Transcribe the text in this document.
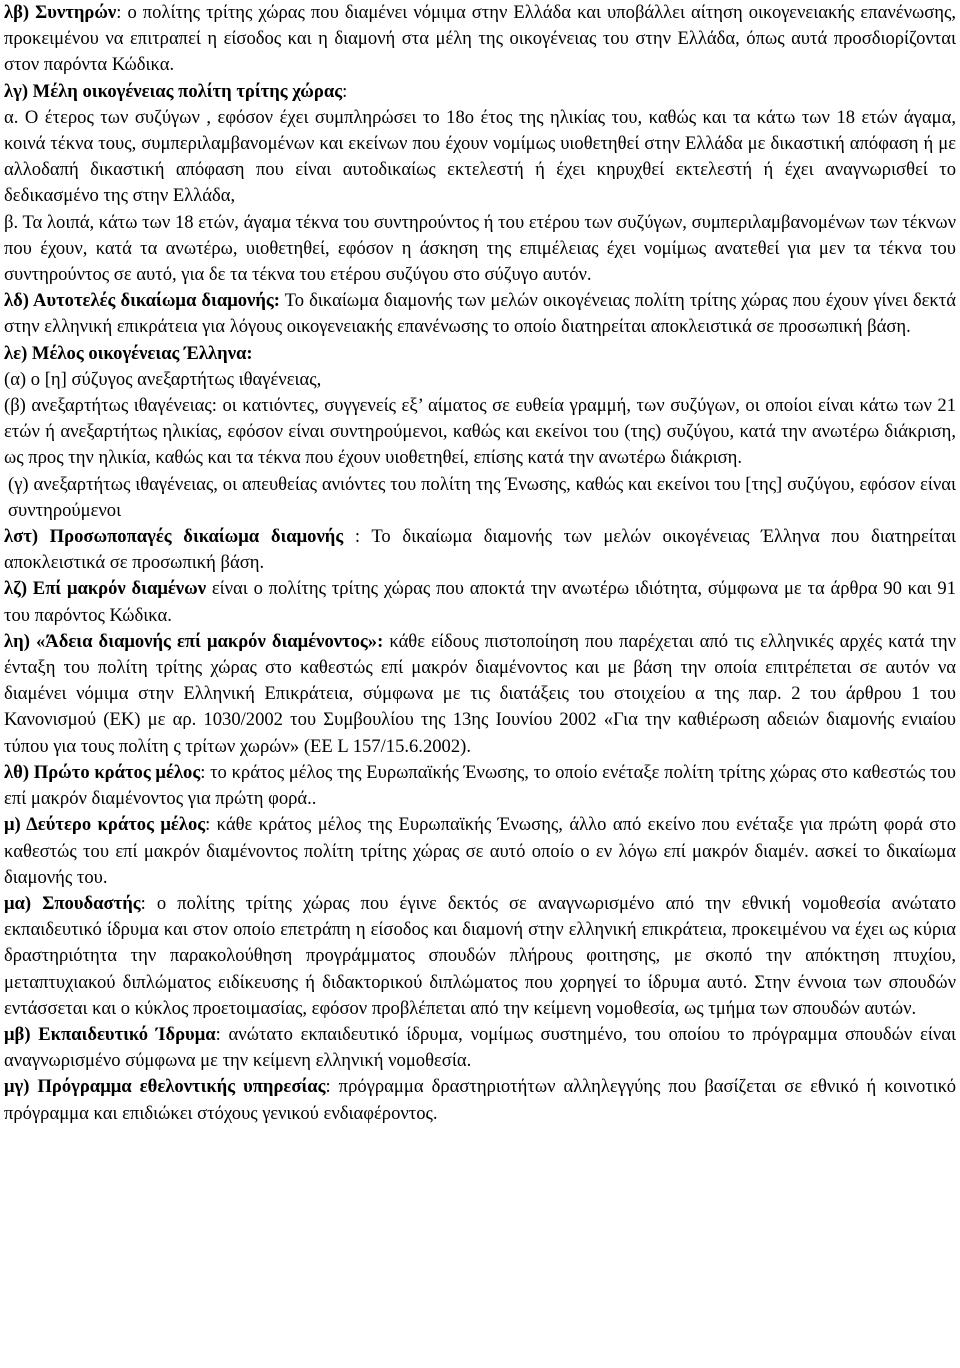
λβ) Συντηρών: ο πολίτης τρίτης χώρας που διαμένει νόμιμα στην Ελλάδα και υποβάλλει αίτηση οικογενειακής επανένωσης, προκειμένου να επιτραπεί η είσοδος και η διαμονή στα μέλη της οικογένειας του στην Ελλάδα, όπως αυτά προσδιορίζονται στον παρόντα Κώδικα.

λγ) Μέλη οικογένειας πολίτη τρίτης χώρας:

α. Ο έτερος των συζύγων , εφόσον έχει συμπληρώσει το 18ο έτος της ηλικίας του, καθώς και τα κάτω των 18 ετών άγαμα, κοινά τέκνα τους, συμπεριλαμβανομένων και εκείνων που έχουν νομίμως υιοθετηθεί στην Ελλάδα με δικαστική απόφαση ή με αλλοδαπή δικαστική απόφαση που είναι αυτοδικαίως εκτελεστή ή έχει κηρυχθεί εκτελεστή ή έχει αναγνωρισθεί το δεδικασμένο της στην Ελλάδα,

β. Τα λοιπά, κάτω των 18 ετών, άγαμα τέκνα του συντηρούντος ή του ετέρου των συζύγων, συμπεριλαμβανομένων των τέκνων που έχουν, κατά τα ανωτέρω, υιοθετηθεί, εφόσον η άσκηση της επιμέλειας έχει νομίμως ανατεθεί για μεν τα τέκνα του συντηρούντος σε αυτό, για δε τα τέκνα του ετέρου συζύγου στο σύζυγο αυτόν.

λδ) Αυτοτελές δικαίωμα διαμονής: Το δικαίωμα διαμονής των μελών οικογένειας πολίτη τρίτης χώρας που έχουν γίνει δεκτά στην ελληνική επικράτεια για λόγους οικογενειακής επανένωσης το οποίο διατηρείται αποκλειστικά σε προσωπική βάση.

λε) Μέλος οικογένειας Έλληνα:

(α) ο [η] σύζυγος ανεξαρτήτως ιθαγένειας,

(β) ανεξαρτήτως ιθαγένειας: οι κατιόντες, συγγενείς εξ’ αίματος σε ευθεία γραμμή, των συζύγων, οι οποίοι είναι κάτω των 21 ετών ή ανεξαρτήτως ηλικίας, εφόσον είναι συντηρούμενοι, καθώς και εκείνοι του (της) συζύγου, κατά την ανωτέρω διάκριση, ως προς την ηλικία, καθώς και τα τέκνα που έχουν υιοθετηθεί, επίσης κατά την ανωτέρω διάκριση.

(γ) ανεξαρτήτως ιθαγένειας, οι απευθείας ανιόντες του πολίτη της Ένωσης, καθώς και εκείνοι του [της] συζύγου, εφόσον είναι συντηρούμενοι

λστ) Προσωποπαγές δικαίωμα διαμονής : Το δικαίωμα διαμονής των μελών οικογένειας Έλληνα που διατηρείται αποκλειστικά σε προσωπική βάση.

λζ) Επί μακρόν διαμένων είναι ο πολίτης τρίτης χώρας που αποκτά την ανωτέρω ιδιότητα, σύμφωνα με τα άρθρα 90 και 91 του παρόντος Κώδικα.

λη) «Άδεια διαμονής επί μακρόν διαμένοντος»: κάθε είδους πιστοποίηση που παρέχεται από τις ελληνικές αρχές κατά την ένταξη του πολίτη τρίτης χώρας στο καθεστώς επί μακρόν διαμένοντος και με βάση την οποία επιτρέπεται σε αυτόν να διαμένει νόμιμα στην Ελληνική Επικράτεια, σύμφωνα με τις διατάξεις του στοιχείου α της παρ. 2 του άρθρου 1 του Κανονισμού (ΕΚ) με αρ. 1030/2002 του Συμβουλίου της 13ης Ιουνίου 2002 «Για την καθιέρωση αδειών διαμονής ενιαίου τύπου για τους πολίτη ς τρίτων χωρών» (ΕΕ L 157/15.6.2002).

λθ) Πρώτο κράτος μέλος: το κράτος μέλος της Ευρωπαϊκής Ένωσης, το οποίο ενέταξε πολίτη τρίτης χώρας στο καθεστώς του επί μακρόν διαμένοντος για πρώτη φορά..

μ) Δεύτερο κράτος μέλος: κάθε κράτος μέλος της Ευρωπαϊκής Ένωσης, άλλο από εκείνο που ενέταξε για πρώτη φορά στο καθεστώς του επί μακρόν διαμένοντος πολίτη τρίτης χώρας σε αυτό οποίο ο εν λόγω επί μακρόν διαμέν. ασκεί το δικαίωμα διαμονής του.

μα) Σπουδαστής: ο πολίτης τρίτης χώρας που έγινε δεκτός σε αναγνωρισμένο από την εθνική νομοθεσία ανώτατο εκπαιδευτικό ίδρυμα και στον οποίο επετράπη η είσοδος και διαμονή στην ελληνική επικράτεια, προκειμένου να έχει ως κύρια δραστηριότητα την παρακολούθηση προγράμματος σπουδών πλήρους φοιτησης, με σκοπό την απόκτηση πτυχίου, μεταπτυχιακού διπλώματος ειδίκευσης ή διδακτορικού διπλώματος που χορηγεί το ίδρυμα αυτό. Στην έννοια των σπουδών εντάσσεται και ο κύκλος προετοιμασίας, εφόσον προβλέπεται από την κείμενη νομοθεσία, ως τμήμα των σπουδών αυτών.

μβ) Εκπαιδευτικό Ίδρυμα: ανώτατο εκπαιδευτικό ίδρυμα, νομίμως συστημένο, του οποίου το πρόγραμμα σπουδών είναι αναγνωρισμένο σύμφωνα με την κείμενη ελληνική νομοθεσία.

μγ) Πρόγραμμα εθελοντικής υπηρεσίας: πρόγραμμα δραστηριοτήτων αλληλεγγύης που βασίζεται σε εθνικό ή κοινοτικό πρόγραμμα και επιδιώκει στόχους γενικού ενδιαφέροντος.
